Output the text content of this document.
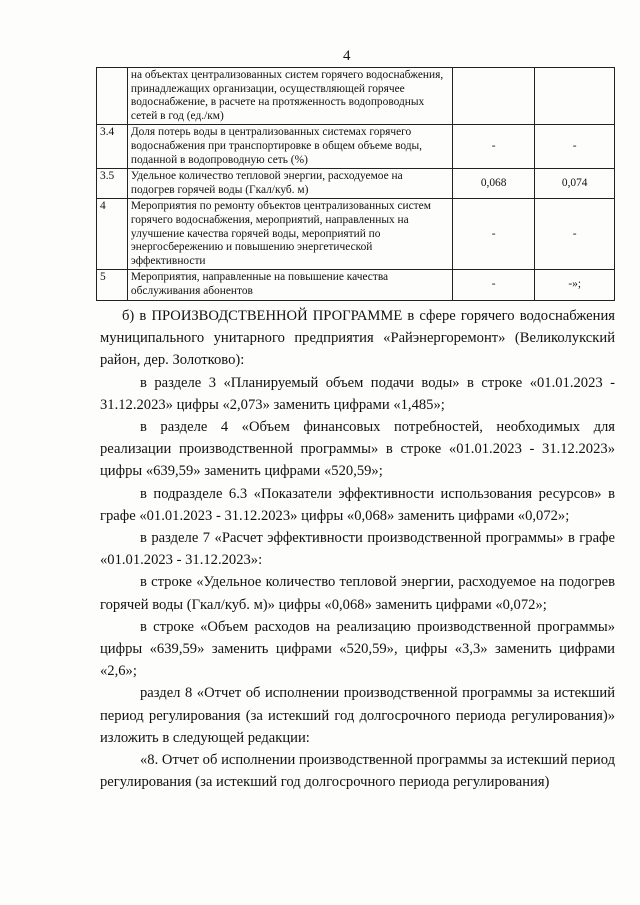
4
	на объектах централизованных систем горячего водоснабжения, принадлежащих организации, осуществляющей горячее водоснабжение, в расчете на протяженность водопроводных сетей в год (ед./км)		
3.4	Доля потерь воды в централизованных системах горячего водоснабжения при транспортировке в общем объеме воды, поданной в водопроводную сеть (%)	-	-
3.5	Удельное количество тепловой энергии, расходуемое на подогрев горячей воды (Гкал/куб. м)	0,068	0,074
4	Мероприятия по ремонту объектов централизованных систем горячего водоснабжения, мероприятий, направленных на улучшение качества горячей воды, мероприятий по энергосбережению и повышению энергетической эффективности	-	-
5	Мероприятия, направленные на повышение качества обслуживания абонентов	-	-»;

б) в ПРОИЗВОДСТВЕННОЙ ПРОГРАММЕ в сфере горячего водоснабжения муниципального унитарного предприятия «Райэнергоремонт» (Великолукский район, дер. Золотково):

в разделе 3 «Планируемый объем подачи воды» в строке «01.01.2023 - 31.12.2023» цифры «2,073» заменить цифрами «1,485»;

в разделе 4 «Объем финансовых потребностей, необходимых для реализации производственной программы» в строке «01.01.2023 - 31.12.2023» цифры «639,59» заменить цифрами «520,59»;

в подразделе 6.3 «Показатели эффективности использования ресурсов» в графе «01.01.2023 - 31.12.2023» цифры «0,068» заменить цифрами «0,072»;

в разделе 7 «Расчет эффективности производственной программы» в графе «01.01.2023 - 31.12.2023»:

в строке «Удельное количество тепловой энергии, расходуемое на подогрев горячей воды (Гкал/куб. м)» цифры «0,068» заменить цифрами «0,072»;

в строке «Объем расходов на реализацию производственной программы» цифры «639,59» заменить цифрами «520,59», цифры «3,3» заменить цифрами «2,6»;

раздел 8 «Отчет об исполнении производственной программы за истекший период регулирования (за истекший год долгосрочного периода регулирования)» изложить в следующей редакции:

«8. Отчет об исполнении производственной программы за истекший период регулирования (за истекший год долгосрочного периода регулирования)
